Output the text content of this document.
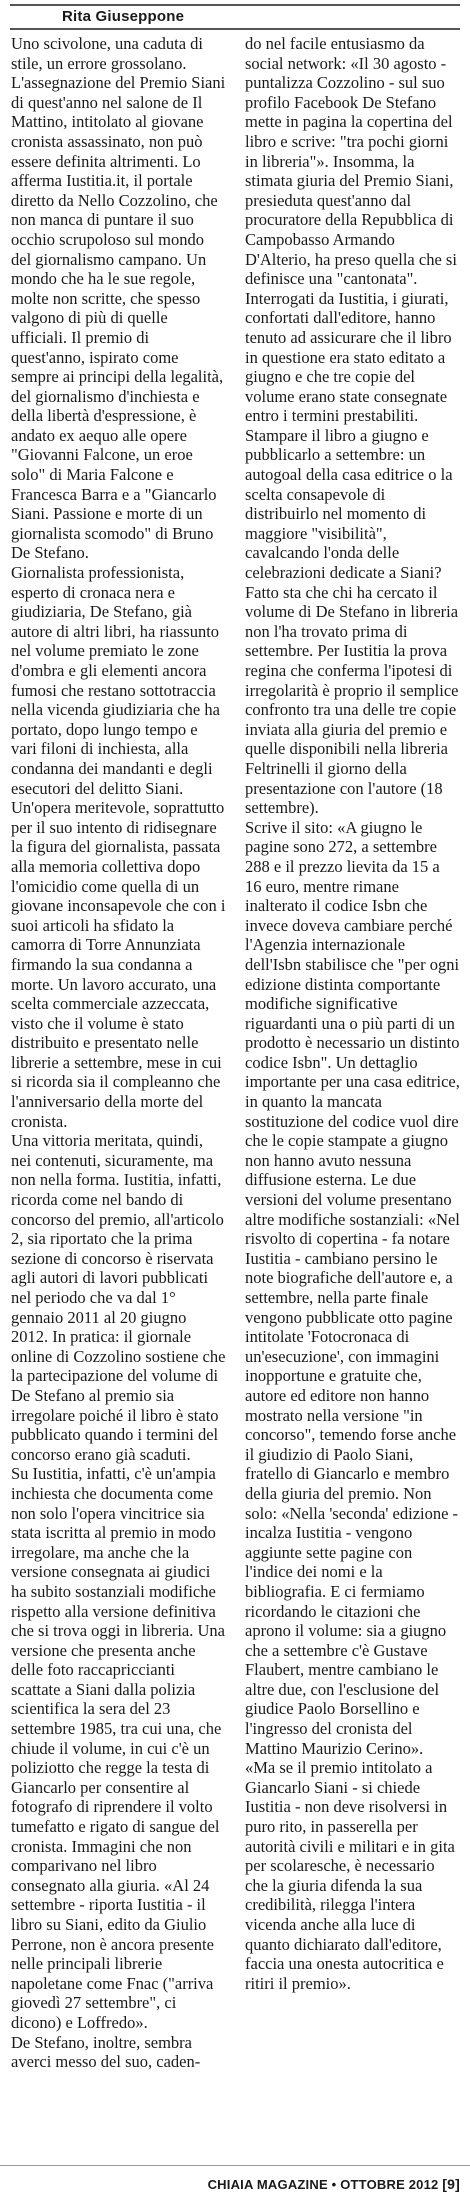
Rita Giuseppone

Uno scivolone, una caduta di stile, un errore grossolano. L'assegnazione del Premio Siani di quest'anno nel salone de Il Mattino, intitolato al giovane cronista assassinato, non può essere definita altrimenti. Lo afferma Iustitia.it, il portale diretto da Nello Cozzolino, che non manca di puntare il suo occhio scrupoloso sul mondo del giornalismo campano. Un mondo che ha le sue regole, molte non scritte, che spesso valgono di più di quelle ufficiali. Il premio di quest'anno, ispirato come sempre ai principi della legalità, del giornalismo d'inchiesta e della libertà d'espressione, è andato ex aequo alle opere "Giovanni Falcone, un eroe solo" di Maria Falcone e Francesca Barra e a "Giancarlo Siani. Passione e morte di un giornalista scomodo" di Bruno De Stefano.

Giornalista professionista, esperto di cronaca nera e giudiziaria, De Stefano, già autore di altri libri, ha riassunto nel volume premiato le zone d'ombra e gli elementi ancora fumosi che restano sottotraccia nella vicenda giudiziaria che ha portato, dopo lungo tempo e vari filoni di inchiesta, alla condanna dei mandanti e degli esecutori del delitto Siani.

Un'opera meritevole, soprattutto per il suo intento di ridisegnare la figura del giornalista, passata alla memoria collettiva dopo l'omicidio come quella di un giovane inconsapevole che con i suoi articoli ha sfidato la camorra di Torre Annunziata firmando la sua condanna a morte. Un lavoro accurato, una scelta commerciale azzeccata, visto che il volume è stato distribuito e presentato nelle librerie a settembre, mese in cui si ricorda sia il compleanno che l'anniversario della morte del cronista.

Una vittoria meritata, quindi, nei contenuti, sicuramente, ma non nella forma. Iustitia, infatti, ricorda come nel bando di concorso del premio, all'articolo 2, sia riportato che la prima sezione di concorso è riservata agli autori di lavori pubblicati nel periodo che va dal 1° gennaio 2011 al 20 giugno 2012. In pratica: il giornale online di Cozzolino sostiene che la partecipazione del volume di De Stefano al premio sia irregolare poiché il libro è stato pubblicato quando i termini del concorso erano già scaduti.

Su Iustitia, infatti, c'è un'ampia inchiesta che documenta come non solo l'opera vincitrice sia stata iscritta al premio in modo irregolare, ma anche che la versione consegnata ai giudici ha subito sostanziali modifiche rispetto alla versione definitiva che si trova oggi in libreria. Una versione che presenta anche delle foto raccapriccianti scattate a Siani dalla polizia scientifica la sera del 23 settembre 1985, tra cui una, che chiude il volume, in cui c'è un poliziotto che regge la testa di Giancarlo per consentire al fotografo di riprendere il volto tumefatto e rigato di sangue del cronista. Immagini che non comparivano nel libro consegnato alla giuria. «Al 24 settembre - riporta Iustitia - il libro su Siani, edito da Giulio Perrone, non è ancora presente nelle principali librerie napoletane come Fnac ("arriva giovedì 27 settembre", ci dicono) e Loffredo».

De Stefano, inoltre, sembra averci messo del suo, caden-

do nel facile entusiasmo da social network: «Il 30 agosto - puntalizza Cozzolino - sul suo profilo Facebook De Stefano mette in pagina la copertina del libro e scrive: "tra pochi giorni in libreria"». Insomma, la stimata giuria del Premio Siani, presieduta quest'anno dal procuratore della Repubblica di Campobasso Armando D'Alterio, ha preso quella che si definisce una "cantonata".

Interrogati da Iustitia, i giurati, confortati dall'editore, hanno tenuto ad assicurare che il libro in questione era stato editato a giugno e che tre copie del volume erano state consegnate entro i termini prestabiliti. Stampare il libro a giugno e pubblicarlo a settembre: un autogoal della casa editrice o la scelta consapevole di distribuirlo nel momento di maggiore "visibilità", cavalcando l'onda delle celebrazioni dedicate a Siani? Fatto sta che chi ha cercato il volume di De Stefano in libreria non l'ha trovato prima di settembre. Per Iustitia la prova regina che conferma l'ipotesi di irregolarità è proprio il semplice confronto tra una delle tre copie inviata alla giuria del premio e quelle disponibili nella libreria Feltrinelli il giorno della presentazione con l'autore (18 settembre).

Scrive il sito: «A giugno le pagine sono 272, a settembre 288 e il prezzo lievita da 15 a 16 euro, mentre rimane inalterato il codice Isbn che invece doveva cambiare perché l'Agenzia internazionale dell'Isbn stabilisce che "per ogni edizione distinta comportante modifiche significative riguardanti una o più parti di un prodotto è necessario un distinto codice Isbn". Un dettaglio importante per una casa editrice, in quanto la mancata sostituzione del codice vuol dire che le copie stampate a giugno non hanno avuto nessuna diffusione esterna. Le due versioni del volume presentano altre modifiche sostanziali: «Nel risvolto di copertina - fa notare Iustitia - cambiano persino le note biografiche dell'autore e, a settembre, nella parte finale vengono pubblicate otto pagine intitolate 'Fotocronaca di un'esecuzione', con immagini inopportune e gratuite che, autore ed editore non hanno mostrato nella versione "in concorso", temendo forse anche il giudizio di Paolo Siani, fratello di Giancarlo e membro della giuria del premio. Non solo: «Nella 'seconda' edizione - incalza Iustitia - vengono aggiunte sette pagine con l'indice dei nomi e la bibliografia. E ci fermiamo ricordando le citazioni che aprono il volume: sia a giugno che a settembre c'è Gustave Flaubert, mentre cambiano le altre due, con l'esclusione del giudice Paolo Borsellino e l'ingresso del cronista del Mattino Maurizio Cerino».

«Ma se il premio intitolato a Giancarlo Siani - si chiede Iustitia - non deve risolversi in puro rito, in passerella per autorità civili e militari e in gita per scolaresche, è necessario che la giuria difenda la sua credibilità, rilegga l'intera vicenda anche alla luce di quanto dichiarato dall'editore, faccia una onesta autocritica e ritiri il premio».

CHIAIA MAGAZINE • OTTOBRE 2012 [9]
